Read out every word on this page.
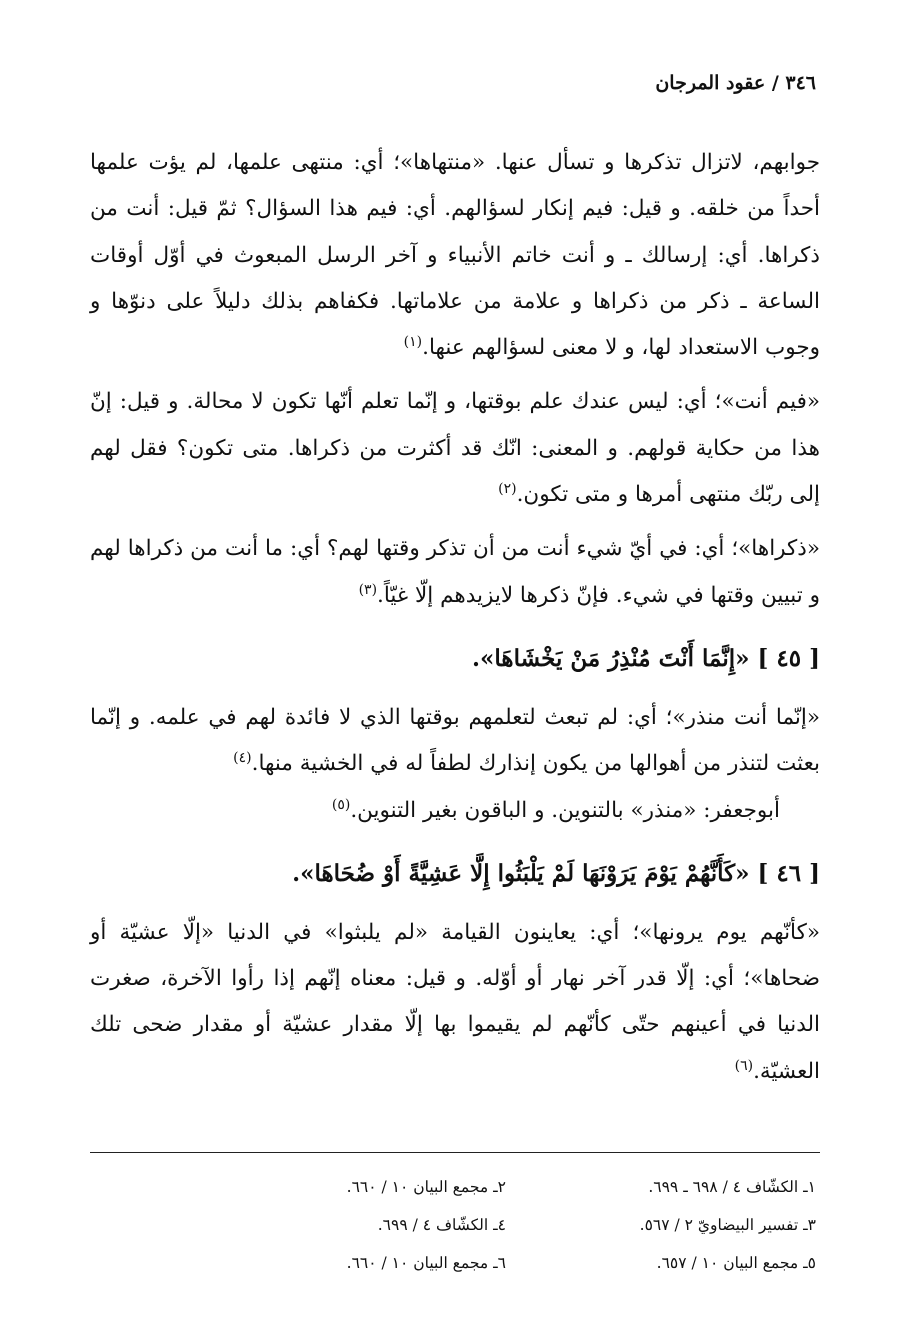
٣٤٦ / عقود المرجان

جوابهم، لاتزال تذكرها و تسأل عنها. «منتهاها»؛ أي: منتهى علمها، لم يؤت علمها أحداً من خلقه. و قيل: فيم إنكار لسؤالهم. أي: فيم هذا السؤال؟ ثمّ قيل: أنت من ذكراها. أي: إرسالك ـ و أنت خاتم الأنبياء و آخر الرسل المبعوث في أوّل أوقات الساعة ـ ذكر من ذكراها و علامة من علاماتها. فكفاهم بذلك دليلاً على دنوّها و وجوب الاستعداد لها، و لا معنى لسؤالهم عنها.$^{(١)}$

«فيم أنت»؛ أي: ليس عندك علم بوقتها، و إنّما تعلم أنّها تكون لا محالة. و قيل: إنّ هذا من حكاية قولهم. و المعنى: انّك قد أكثرت من ذكراها. متى تكون؟ فقل لهم إلى ربّك منتهى أمرها و متى تكون.$^{(٢)}$

«ذكراها»؛ أي: في أيّ شيء أنت من أن تذكر وقتها لهم؟ أي: ما أنت من ذكراها لهم و تبيين وقتها في شيء. فإنّ ذكرها لايزيدهم إلّا غيّاً.$^{(٣)}$

[ ٤٥ ] «إِنَّمَا أَنْتَ مُنْذِرُ مَنْ يَخْشَاهَا».

«إنّما أنت منذر»؛ أي: لم تبعث لتعلمهم بوقتها الذي لا فائدة لهم في علمه. و إنّما بعثت لتنذر من أهوالها من يكون إنذارك لطفاً له في الخشية منها.$^{(٤)}$

أبوجعفر: «منذر» بالتنوين. و الباقون بغير التنوين.$^{(٥)}$

[ ٤٦ ] «كَأَنَّهُمْ يَوْمَ يَرَوْنَهَا لَمْ يَلْبَثُوا إِلَّا عَشِيَّةً أَوْ ضُحَاهَا».

«كأنّهم يوم يرونها»؛ أي: يعاينون القيامة «لم يلبثوا» في الدنيا «إلّا عشيّة أو ضحاها»؛ أي: إلّا قدر آخر نهار أو أوّله. و قيل: معناه إنّهم إذا رأوا الآخرة، صغرت الدنيا في أعينهم حتّى كأنّهم لم يقيموا بها إلّا مقدار عشيّة أو مقدار ضحى تلك العشيّة.$^{(٦)}$

١ـ الكشّاف ٤ / ٦٩٨ ـ ٦٩٩.
٢ـ مجمع البيان ١٠ / ٦٦٠.
٣ـ تفسير البيضاويّ ٢ / ٥٦٧.
٤ـ الكشّاف ٤ / ٦٩٩.
٥ـ مجمع البيان ١٠ / ٦٥٧.
٦ـ مجمع البيان ١٠ / ٦٦٠.
